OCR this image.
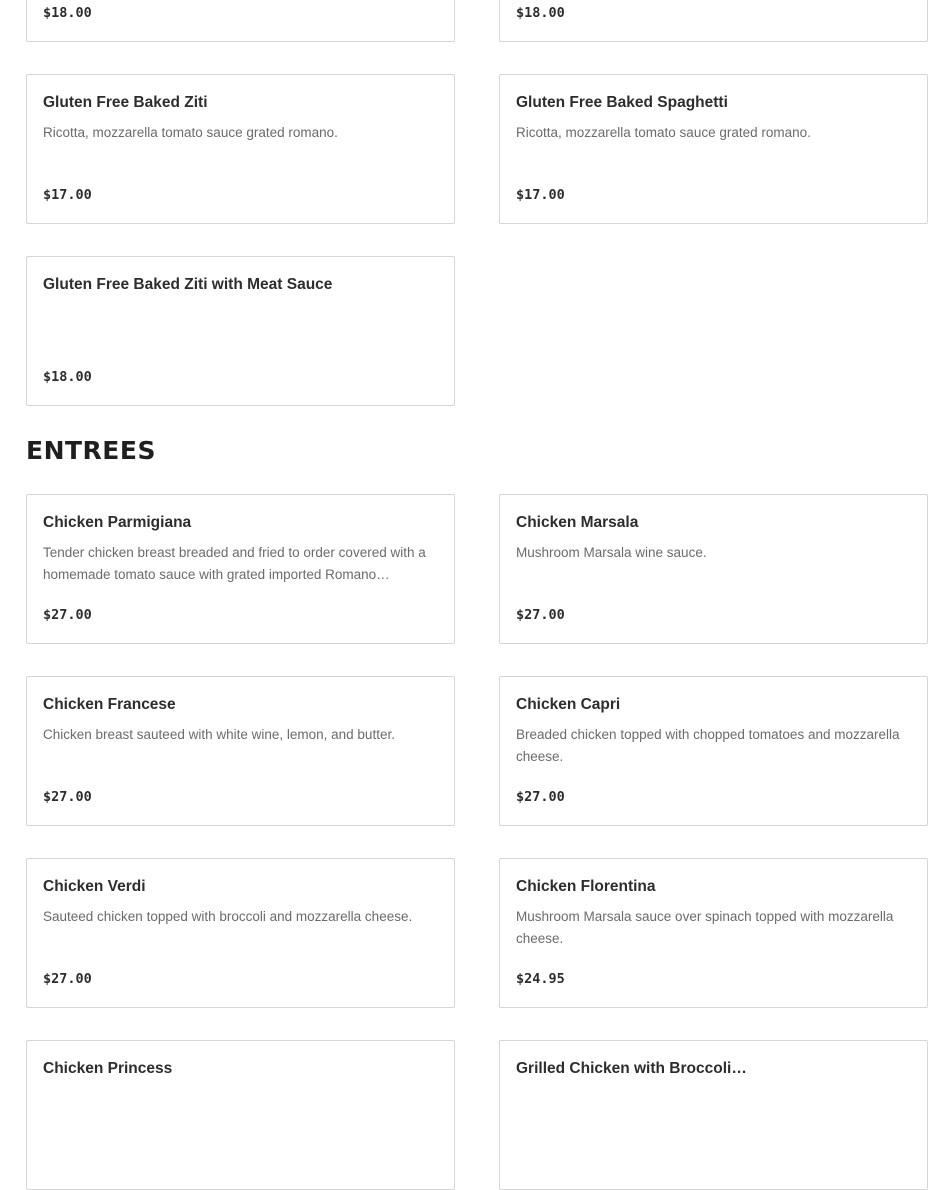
$18.00	$18.00
Gluten Free Baked Ziti
Ricotta, mozzarella tomato sauce grated romano.
$17.00
Gluten Free Baked Spaghetti
Ricotta, mozzarella tomato sauce grated romano.
$17.00
Gluten Free Baked Ziti with Meat Sauce
$18.00
ENTREES
Chicken Parmigiana
Tender chicken breast breaded and fried to order covered with a homemade tomato sauce with grated imported Romano…
$27.00
Chicken Marsala
Mushroom Marsala wine sauce.
$27.00
Chicken Francese
Chicken breast sauteed with white wine, lemon, and butter.
$27.00
Chicken Capri
Breaded chicken topped with chopped tomatoes and mozzarella cheese.
$27.00
Chicken Verdi
Sauteed chicken topped with broccoli and mozzarella cheese.
$27.00
Chicken Florentina
Mushroom Marsala sauce over spinach topped with mozzarella cheese.
$24.95
Chicken Princess	Grilled Chicken with Broccoli…
